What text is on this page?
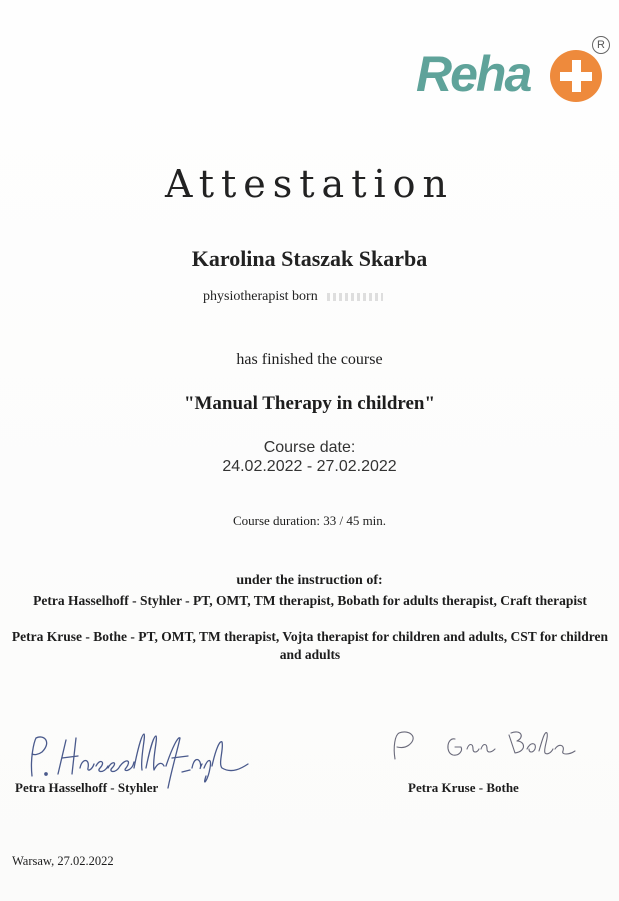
Reha
R
Attestation
Karolina Staszak Skarba
physiotherapist born
has finished the course
"Manual Therapy in children"
Course date:
24.02.2022 - 27.02.2022
Course duration: 33 / 45 min.
under the instruction of:
Petra Hasselhoff - Styhler - PT, OMT, TM therapist, Bobath for adults therapist, Craft therapist
Petra Kruse - Bothe - PT, OMT, TM therapist, Vojta therapist for children and adults, CST for children and adults
Petra Hasselhoff - Styhler	Petra Kruse - Bothe
Warsaw, 27.02.2022
